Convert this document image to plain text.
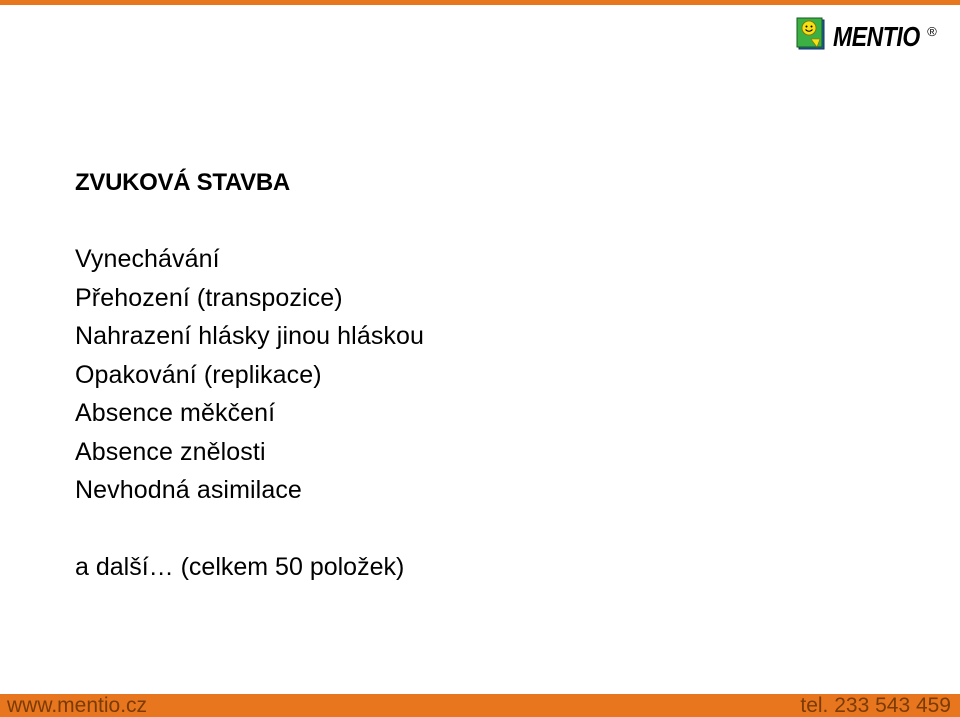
MENTIO ®

ZVUKOVÁ STAVBA

Vynechávání

Přehození (transpozice)

Nahrazení hlásky jinou hláskou

Opakování (replikace)

Absence měkčení

Absence znělosti

Nevhodná asimilace

a další… (celkem 50 položek)

www.mentio.cz	tel. 233 543 459
